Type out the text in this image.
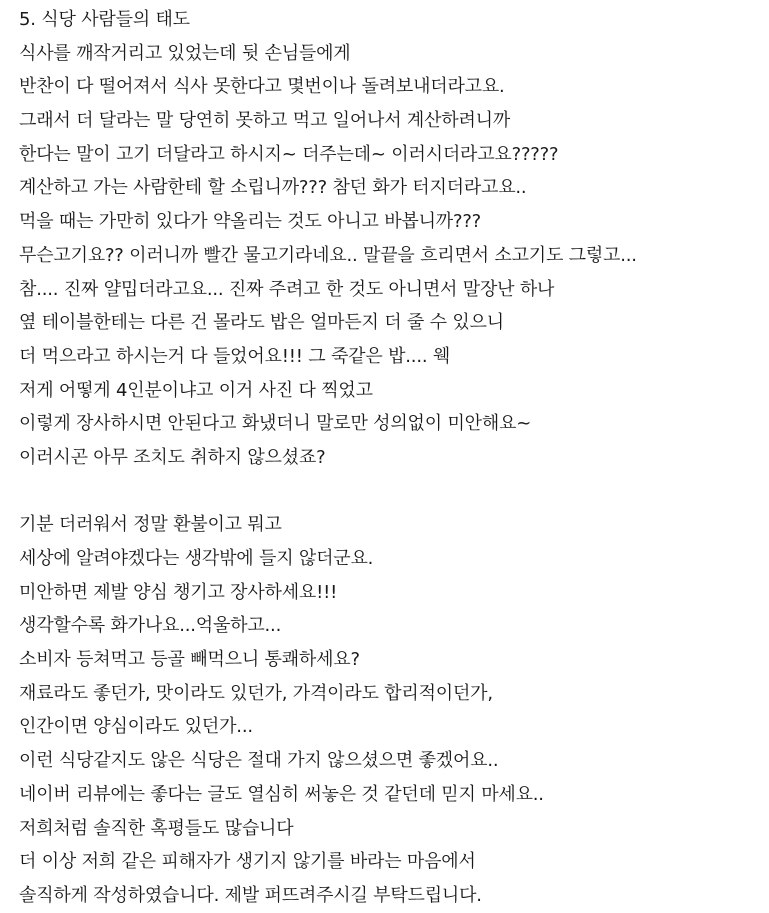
5. 식당 사람들의 태도
식사를 깨작거리고 있었는데 뒷 손님들에게
반찬이 다 떨어져서 식사 못한다고 몇번이나 돌려보내더라고요.
그래서 더 달라는 말 당연히 못하고 먹고 일어나서 계산하려니까
한다는 말이 고기 더달라고 하시지~ 더주는데~ 이러시더라고요?????
계산하고 가는 사람한테 할 소립니까??? 참던 화가 터지더라고요..
먹을 때는 가만히 있다가 약올리는 것도 아니고 바봅니까???
무슨고기요?? 이러니까 빨간 물고기라네요.. 말끝을 흐리면서 소고기도 그렇고...
참.... 진짜 얄밉더라고요... 진짜 주려고 한 것도 아니면서 말장난 하나
옆 테이블한테는 다른 건 몰라도 밥은 얼마든지 더 줄 수 있으니
더 먹으라고 하시는거 다 들었어요!!! 그 죽같은 밥.... 웩
저게 어떻게 4인분이냐고 이거 사진 다 찍었고
이렇게 장사하시면 안된다고 화냈더니 말로만 성의없이 미안해요~
이러시곤 아무 조치도 취하지 않으셨죠?
기분 더러워서 정말 환불이고 뭐고
세상에 알려야겠다는 생각밖에 들지 않더군요.
미안하면 제발 양심 챙기고 장사하세요!!!
생각할수록 화가나요...억울하고...
소비자 등쳐먹고 등골 빼먹으니 통쾌하세요?
재료라도 좋던가, 맛이라도 있던가, 가격이라도 합리적이던가,
인간이면 양심이라도 있던가...
이런 식당같지도 않은 식당은 절대 가지 않으셨으면 좋겠어요..
네이버 리뷰에는 좋다는 글도 열심히 써놓은 것 같던데 믿지 마세요..
저희처럼 솔직한 혹평들도 많습니다
더 이상 저희 같은 피해자가 생기지 않기를 바라는 마음에서
솔직하게 작성하였습니다. 제발 퍼뜨려주시길 부탁드립니다.
